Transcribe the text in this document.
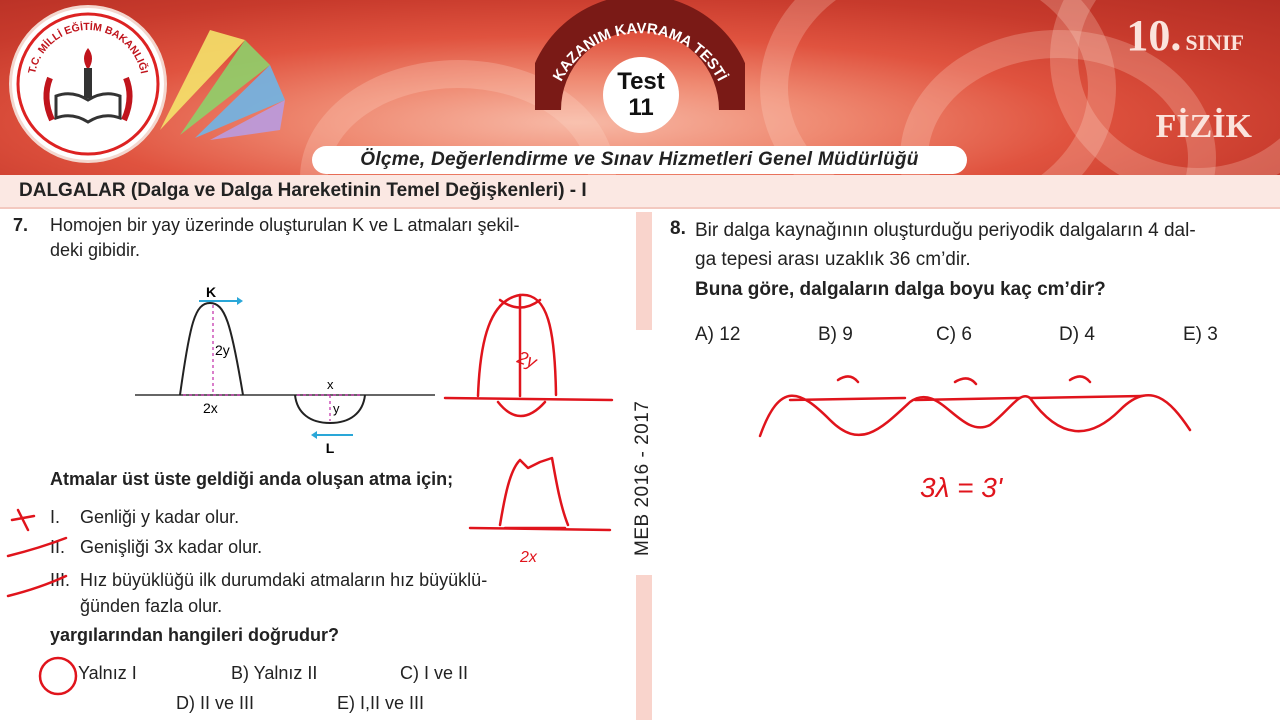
T.C. MİLLİ EĞİTİM BAKANLIĞI	KAZANIM KAVRAMA TESTİ
Test
11
10. SINIF
FİZİK
Ölçme, Değerlendirme ve Sınav Hizmetleri Genel Müdürlüğü
DALGALAR (Dalga ve Dalga Hareketinin Temel Değişkenleri) - I
7. Homojen bir yay üzerinde oluşturulan K ve L atmaları şekil-
deki gibidir.
K
2y
2x
x
y
L
Atmalar üst üste geldiği anda oluşan atma için;
I. Genliği y kadar olur.
II. Genişliği 3x kadar olur.
III. Hız büyüklüğü ilk durumdaki atmaların hız büyüklü-
ğünden fazla olur.
yargılarından hangileri doğrudur?
Yalnız I	B) Yalnız II	C) I ve II
D) II ve III	E) I,II ve III
MEB 2016 - 2017
8. Bir dalga kaynağının oluşturduğu periyodik dalgaların 4 dal-
ga tepesi arası uzaklık 36 cm’dir.
Buna göre, dalgaların dalga boyu kaç cm’dir?
A) 12	B) 9	C) 6	D) 4	E) 3
2y
2x
3λ = 3'
